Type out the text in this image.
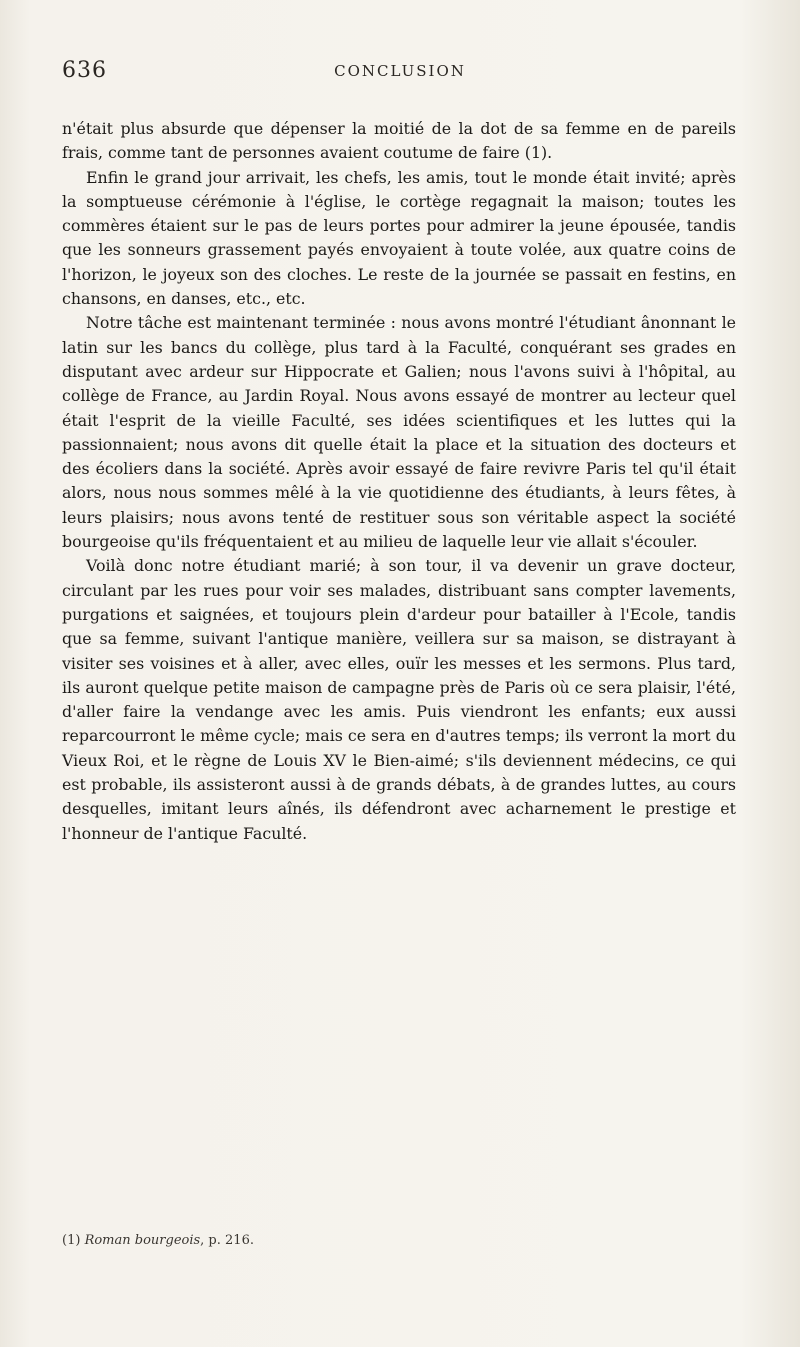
636	CONCLUSION

n'était plus absurde que dépenser la moitié de la dot de sa femme en de pareils frais, comme tant de personnes avaient coutume de faire (1).

Enfin le grand jour arrivait, les chefs, les amis, tout le monde était invité; après la somptueuse cérémonie à l'église, le cortège regagnait la maison; toutes les commères étaient sur le pas de leurs portes pour admirer la jeune épousée, tandis que les sonneurs grassement payés envoyaient à toute volée, aux quatre coins de l'horizon, le joyeux son des cloches. Le reste de la journée se passait en festins, en chansons, en danses, etc., etc.

Notre tâche est maintenant terminée : nous avons montré l'étudiant ânonnant le latin sur les bancs du collège, plus tard à la Faculté, conquérant ses grades en disputant avec ardeur sur Hippocrate et Galien; nous l'avons suivi à l'hôpital, au collège de France, au Jardin Royal. Nous avons essayé de montrer au lecteur quel était l'esprit de la vieille Faculté, ses idées scientifiques et les luttes qui la passionnaient; nous avons dit quelle était la place et la situation des docteurs et des écoliers dans la société. Après avoir essayé de faire revivre Paris tel qu'il était alors, nous nous sommes mêlé à la vie quotidienne des étudiants, à leurs fêtes, à leurs plaisirs; nous avons tenté de restituer sous son véritable aspect la société bourgeoise qu'ils fréquentaient et au milieu de laquelle leur vie allait s'écouler.

Voilà donc notre étudiant marié; à son tour, il va devenir un grave docteur, circulant par les rues pour voir ses malades, distribuant sans compter lavements, purgations et saignées, et toujours plein d'ardeur pour batailler à l'Ecole, tandis que sa femme, suivant l'antique manière, veillera sur sa maison, se distrayant à visiter ses voisines et à aller, avec elles, ouïr les messes et les sermons. Plus tard, ils auront quelque petite maison de campagne près de Paris où ce sera plaisir, l'été, d'aller faire la vendange avec les amis. Puis viendront les enfants; eux aussi reparcourront le même cycle; mais ce sera en d'autres temps; ils verront la mort du Vieux Roi, et le règne de Louis XV le Bien-aimé; s'ils deviennent médecins, ce qui est probable, ils assisteront aussi à de grands débats, à de grandes luttes, au cours desquelles, imitant leurs aînés, ils défendront avec acharnement le prestige et l'honneur de l'antique Faculté.

(1) Roman bourgeois, p. 216.
